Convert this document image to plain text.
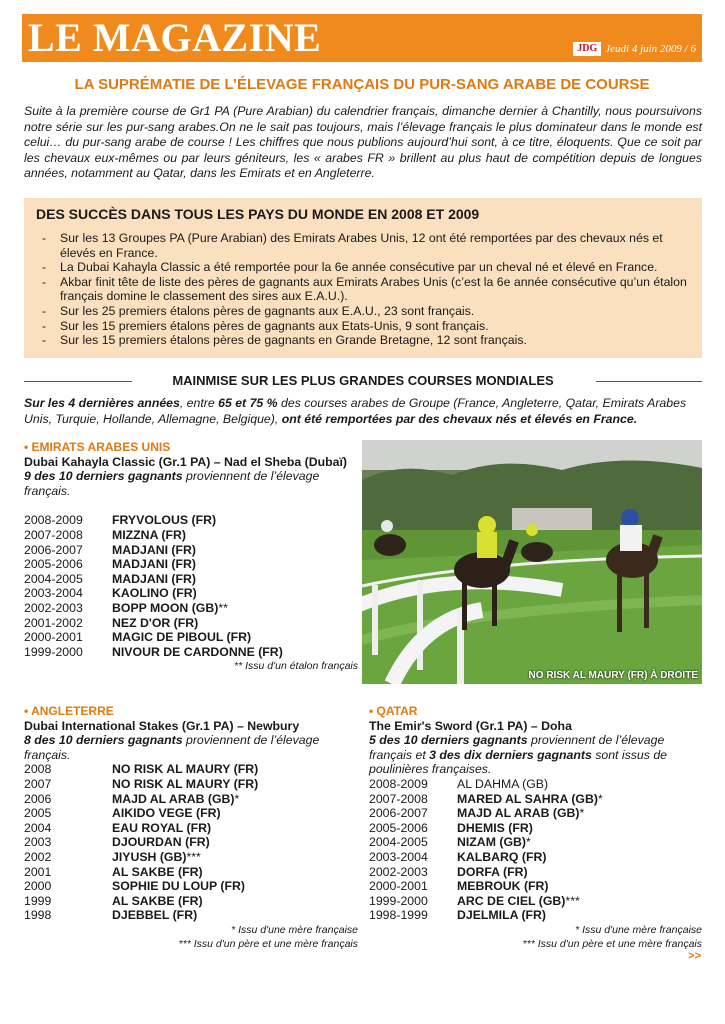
LE MAGAZINE	JDG Jeudi 4 juin 2009 / 6
LA SUPRÉMATIE DE L’ÉLEVAGE FRANÇAIS DU PUR-SANG ARABE DE COURSE

Suite à la première course de Gr1 PA (Pure Arabian) du calendrier français, dimanche dernier à Chantilly, nous poursuivons notre série sur les pur-sang arabes.On ne le sait pas toujours, mais l’élevage français le plus dominateur dans le monde est celui… du pur-sang arabe de course ! Les chiffres que nous publions aujourd’hui sont, à ce titre, éloquents. Que ce soit par les chevaux eux-mêmes ou par leurs géniteurs, les « arabes FR » brillent au plus haut de compétition depuis de longues années, notamment au Qatar, dans les Emirats et en Angleterre.

DES SUCCÈS DANS TOUS LES PAYS DU MONDE EN 2008 ET 2009
- Sur les 13 Groupes PA (Pure Arabian) des Emirats Arabes Unis, 12 ont été remportées par des chevaux nés et élevés en France.
- La Dubai Kahayla Classic a été remportée pour la 6e année consécutive par un cheval né et élevé en France.
- Akbar finit tête de liste des pères de gagnants aux Emirats Arabes Unis (c’est la 6e année consécutive qu’un étalon français domine le classement des sires aux E.A.U.).
- Sur les 25 premiers étalons pères de gagnants aux E.A.U., 23 sont français.
- Sur les 15 premiers étalons pères de gagnants aux Etats-Unis, 9 sont français.
- Sur les 15 premiers étalons pères de gagnants en Grande Bretagne, 12 sont français.
MAINMISE SUR LES PLUS GRANDES COURSES MONDIALES

Sur les 4 dernières années, entre 65 et 75 % des courses arabes de Groupe (France, Angleterre, Qatar, Emirats Arabes Unis, Turquie, Hollande, Allemagne, Belgique), ont été remportées par des chevaux nés et élevés en France.

• EMIRATS ARABES UNIS
Dubai Kahayla Classic (Gr.1 PA) – Nad el Sheba (Dubaï)
9 des 10 derniers gagnants proviennent de l’élevage français.
2008-2009	FRYVOLOUS (FR)
2007-2008	MIZZNA (FR)
2006-2007	MADJANI (FR)
2005-2006	MADJANI (FR)
2004-2005	MADJANI (FR)
2003-2004	KAOLINO (FR)
2002-2003	BOPP MOON (GB)**
2001-2002	NEZ D'OR (FR)
2000-2001	MAGIC DE PIBOUL (FR)
1999-2000	NIVOUR DE CARDONNE (FR)
** Issu d'un étalon français
NO RISK AL MAURY (FR) À DROITE
• ANGLETERRE
Dubai International Stakes (Gr.1 PA) – Newbury
8 des 10 derniers gagnants proviennent de l’élevage français.
2008	NO RISK AL MAURY (FR)
2007	NO RISK AL MAURY (FR)
2006	MAJD AL ARAB (GB)*
2005	AIKIDO VEGE (FR)
2004	EAU ROYAL (FR)
2003	DJOURDAN (FR)
2002	JIYUSH (GB)***
2001	AL SAKBE (FR)
2000	SOPHIE DU LOUP (FR)
1999	AL SAKBE (FR)
1998	DJEBBEL (FR)
* Issu d'une mère française
*** Issu d'un père et une mère français
• QATAR
The Emir's Sword (Gr.1 PA) – Doha
5 des 10 derniers gagnants proviennent de l’élevage français et 3 des dix derniers gagnants sont issus de poulinières françaises.
2008-2009	AL DAHMA (GB)
2007-2008	MARED AL SAHRA (GB)*
2006-2007	MAJD AL ARAB (GB)*
2005-2006	DHEMIS (FR)
2004-2005	NIZAM (GB)*
2003-2004	KALBARQ (FR)
2002-2003	DORFA (FR)
2000-2001	MEBROUK (FR)
1999-2000	ARC DE CIEL (GB)***
1998-1999	DJELMILA (FR)
* Issu d'une mère française
*** Issu d'un père et une mère français
>>
